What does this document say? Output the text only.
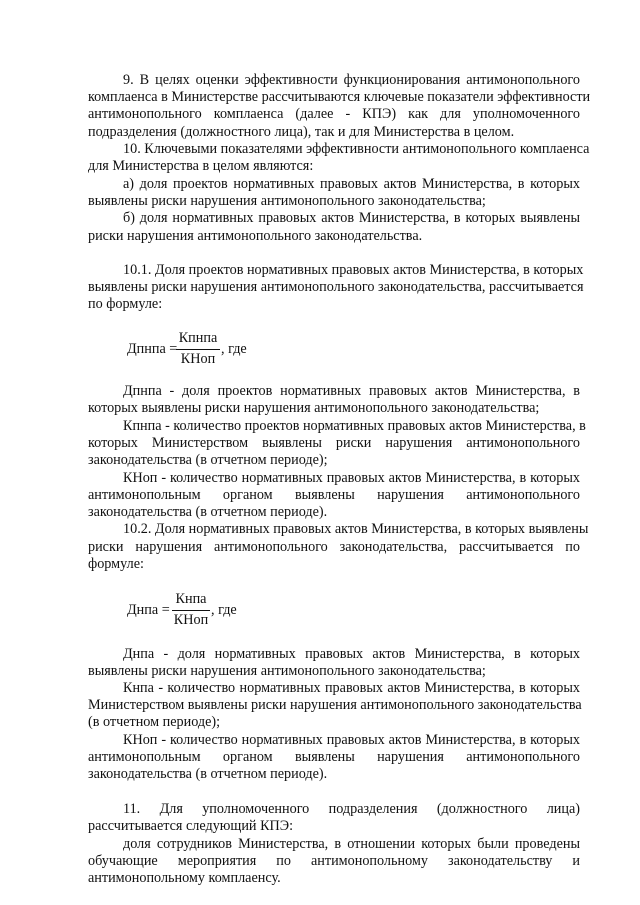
9. В целях оценки эффективности функционирования антимонопольного
комплаенса в Министерстве рассчитываются ключевые показатели эффективности
антимонопольного комплаенса (далее - КПЭ) как для уполномоченного
подразделения (должностного лица), так и для Министерства в целом.
10. Ключевыми показателями эффективности антимонопольного комплаенса
для Министерства в целом являются:
а) доля проектов нормативных правовых актов Министерства, в которых
выявлены риски нарушения антимонопольного законодательства;
б) доля нормативных правовых актов Министерства, в которых выявлены
риски нарушения антимонопольного законодательства.
10.1. Доля проектов нормативных правовых актов Министерства, в которых
выявлены риски нарушения антимонопольного законодательства, рассчитывается
по формуле:
Дпнпа =
Кпнпа
КНоп
, где
Дпнпа - доля проектов нормативных правовых актов Министерства, в
которых выявлены риски нарушения антимонопольного законодательства;
Кпнпа - количество проектов нормативных правовых актов Министерства, в
которых Министерством выявлены риски нарушения антимонопольного
законодательства (в отчетном периоде);
КНоп - количество нормативных правовых актов Министерства, в которых
антимонопольным органом выявлены нарушения антимонопольного
законодательства (в отчетном периоде).
10.2. Доля нормативных правовых актов Министерства, в которых выявлены
риски нарушения антимонопольного законодательства, рассчитывается по
формуле:
Днпа =
Кнпа
КНоп
, где
Днпа - доля нормативных правовых актов Министерства, в которых
выявлены риски нарушения антимонопольного законодательства;
Кнпа - количество нормативных правовых актов Министерства, в которых
Министерством выявлены риски нарушения антимонопольного законодательства
(в отчетном периоде);
КНоп - количество нормативных правовых актов Министерства, в которых
антимонопольным органом выявлены нарушения антимонопольного
законодательства (в отчетном периоде).
11. Для уполномоченного подразделения (должностного лица)
рассчитывается следующий КПЭ:
доля сотрудников Министерства, в отношении которых были проведены
обучающие мероприятия по антимонопольному законодательству и
антимонопольному комплаенсу.
